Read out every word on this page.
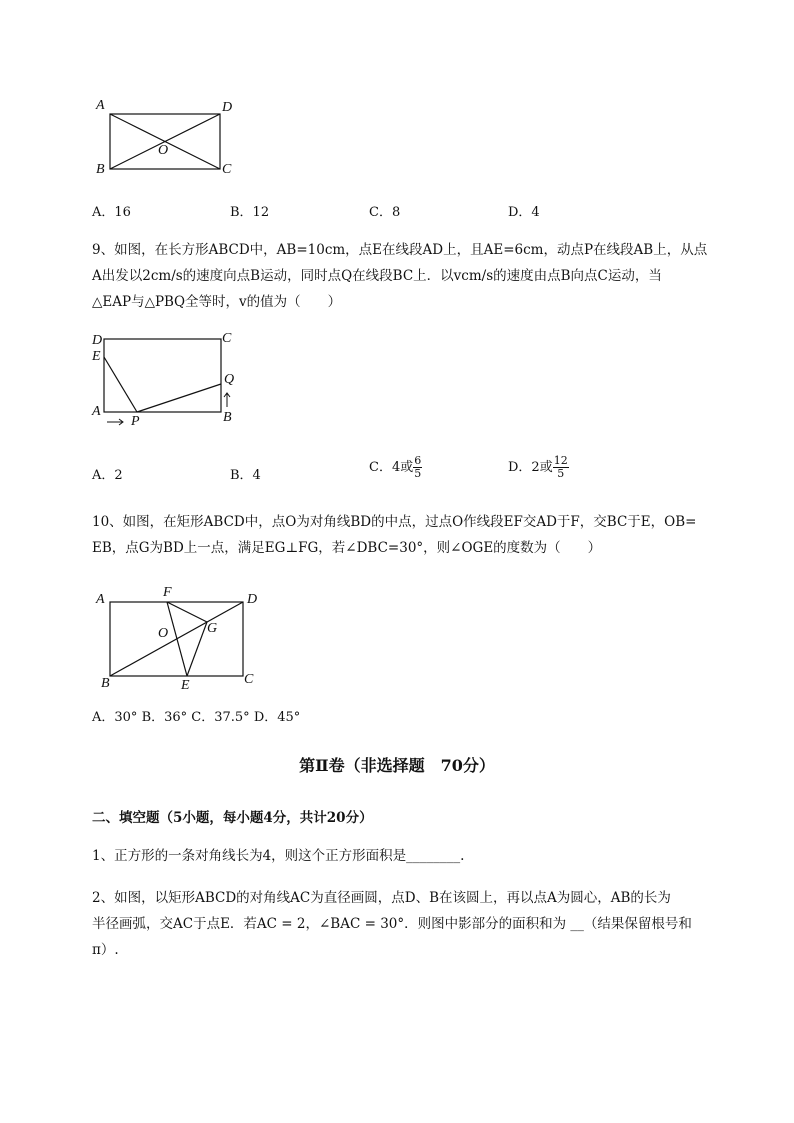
A	D
O
B	C
A．16	B．12	C．8	D．4
9、如图，在长方形ABCD中，AB=10cm，点E在线段AD上，且AE=6cm，动点P在线段AB上，从点
A出发以2cm/s的速度向点B运动，同时点Q在线段BC上．以vcm/s的速度由点B向点C运动，当
△EAP与△PBQ全等时，v的值为（　　）
D
E
A
P
C
Q
B
A．2	B．4
C．4或 $\frac{6}{5}$	D．2或 $\frac{12}{5}$
10、如图，在矩形ABCD中，点O为对角线BD的中点，过点O作线段EF交AD于F，交BC于E，OB=
EB，点G为BD上一点，满足EG⊥FG，若∠DBC=30°，则∠OGE的度数为（　　）
A	F	D
O	G
B	E	C
A．30° B．36° C．37.5° D．45°
第Ⅱ卷（非选择题　70分）
二、填空题（5小题，每小题4分，共计20分）
1、正方形的一条对角线长为4，则这个正方形面积是________.
2、如图，以矩形ABCD的对角线AC为直径画圆，点D、B在该圆上，再以点A为圆心，AB的长为
半径画弧，交AC于点E．若AC = 2，∠BAC = 30°．则图中影部分的面积和为 __（结果保留根号和
π）.
